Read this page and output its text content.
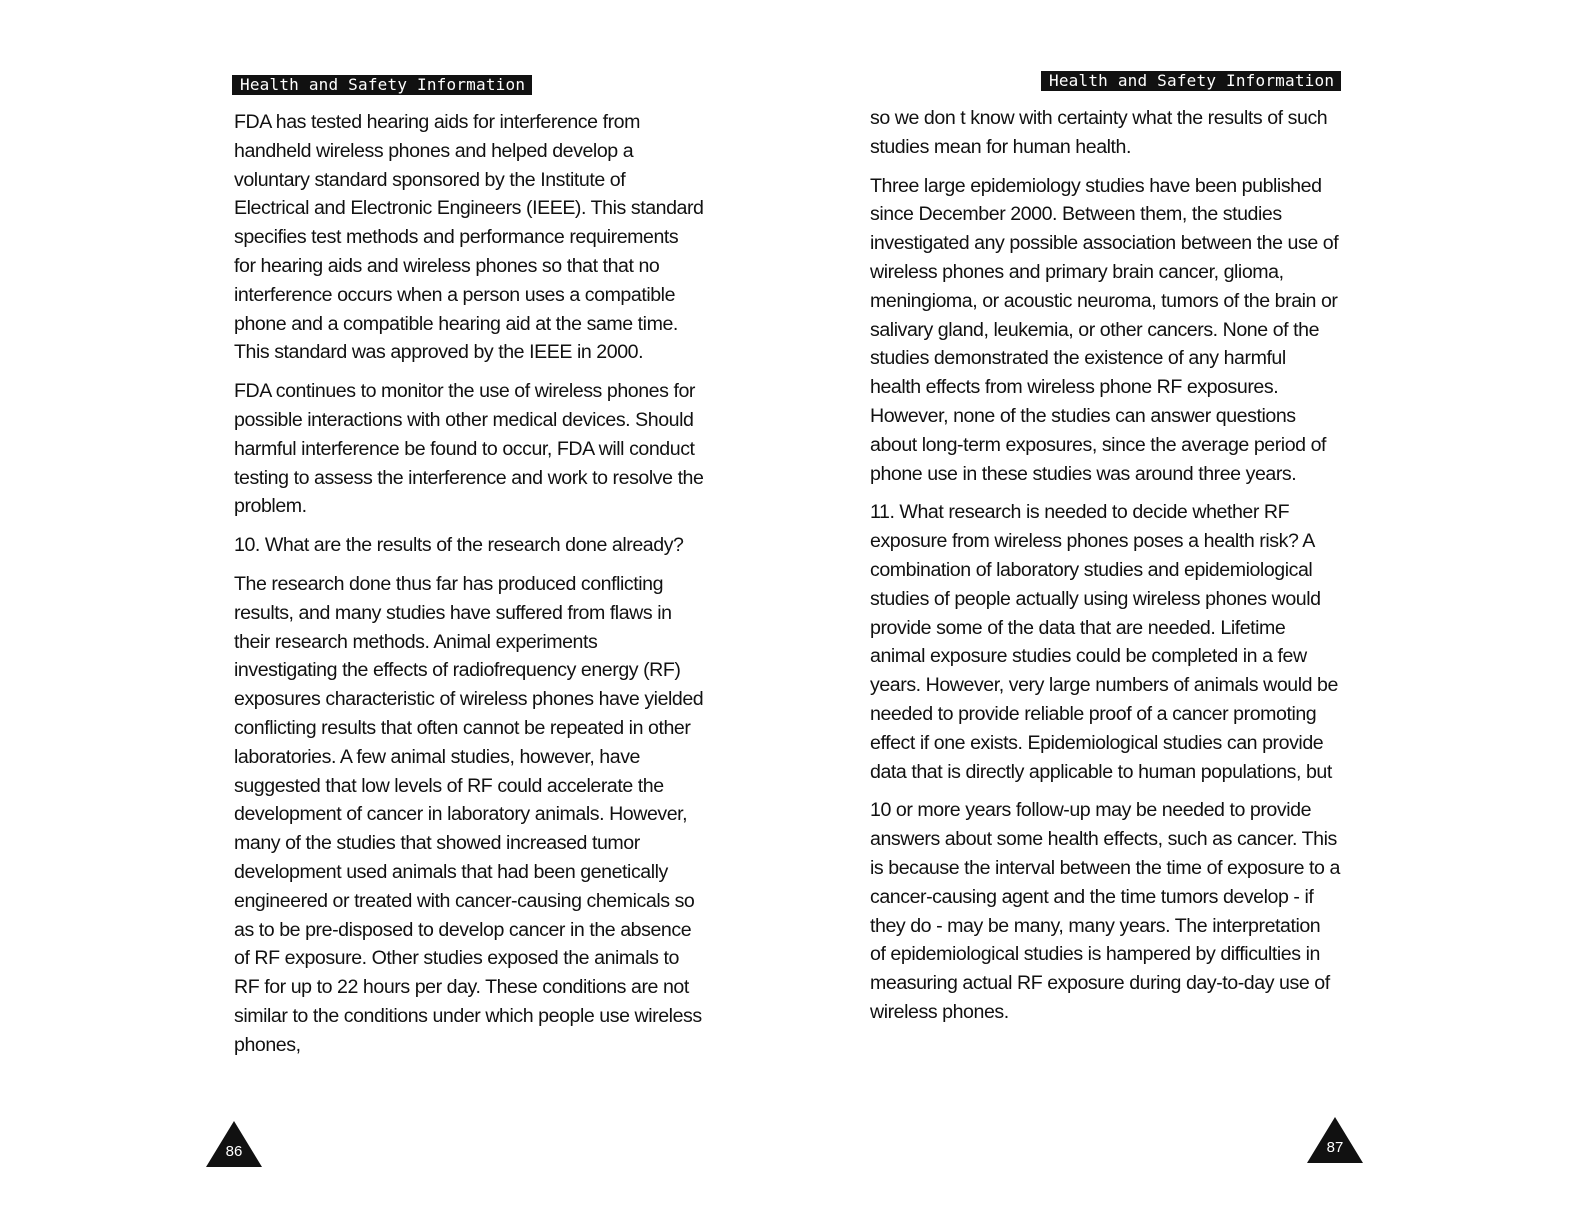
Health and Safety Information

FDA has tested hearing aids for interference from handheld wireless phones and helped develop a voluntary standard sponsored by the Institute of Electrical and Electronic Engineers (IEEE). This standard specifies test methods and performance requirements for hearing aids and wireless phones so that that no interference occurs when a person uses a compatible phone and a compatible hearing aid at the same time. This standard was approved by the IEEE in 2000.

FDA continues to monitor the use of wireless phones for possible interactions with other medical devices. Should harmful interference be found to occur, FDA will conduct testing to assess the interference and work to resolve the problem.

10. What are the results of the research done already?

The research done thus far has produced conflicting results, and many studies have suffered from flaws in their research methods. Animal experiments investigating the effects of radiofrequency energy (RF) exposures characteristic of wireless phones have yielded conflicting results that often cannot be repeated in other laboratories. A few animal studies, however, have suggested that low levels of RF could accelerate the development of cancer in laboratory animals. However, many of the studies that showed increased tumor development used animals that had been genetically engineered or treated with cancer-causing chemicals so as to be pre-disposed to develop cancer in the absence of RF exposure. Other studies exposed the animals to RF for up to 22 hours per day. These conditions are not similar to the conditions under which people use wireless phones,

86
Health and Safety Information

so we don t know with certainty what the results of such studies mean for human health.

Three large epidemiology studies have been published since December 2000. Between them, the studies investigated any possible association between the use of wireless phones and primary brain cancer, glioma, meningioma, or acoustic neuroma, tumors of the brain or salivary gland, leukemia, or other cancers. None of the studies demonstrated the existence of any harmful health effects from wireless phone RF exposures. However, none of the studies can answer questions about long-term exposures, since the average period of phone use in these studies was around three years.

11. What research is needed to decide whether RF exposure from wireless phones poses a health risk? A combination of laboratory studies and epidemiological studies of people actually using wireless phones would provide some of the data that are needed. Lifetime animal exposure studies could be completed in a few years. However, very large numbers of animals would be needed to provide reliable proof of a cancer promoting effect if one exists. Epidemiological studies can provide data that is directly applicable to human populations, but

10 or more years follow-up may be needed to provide answers about some health effects, such as cancer. This is because the interval between the time of exposure to a cancer-causing agent and the time tumors develop - if they do - may be many, many years. The interpretation of epidemiological studies is hampered by difficulties in measuring actual RF exposure during day-to-day use of wireless phones.

87
